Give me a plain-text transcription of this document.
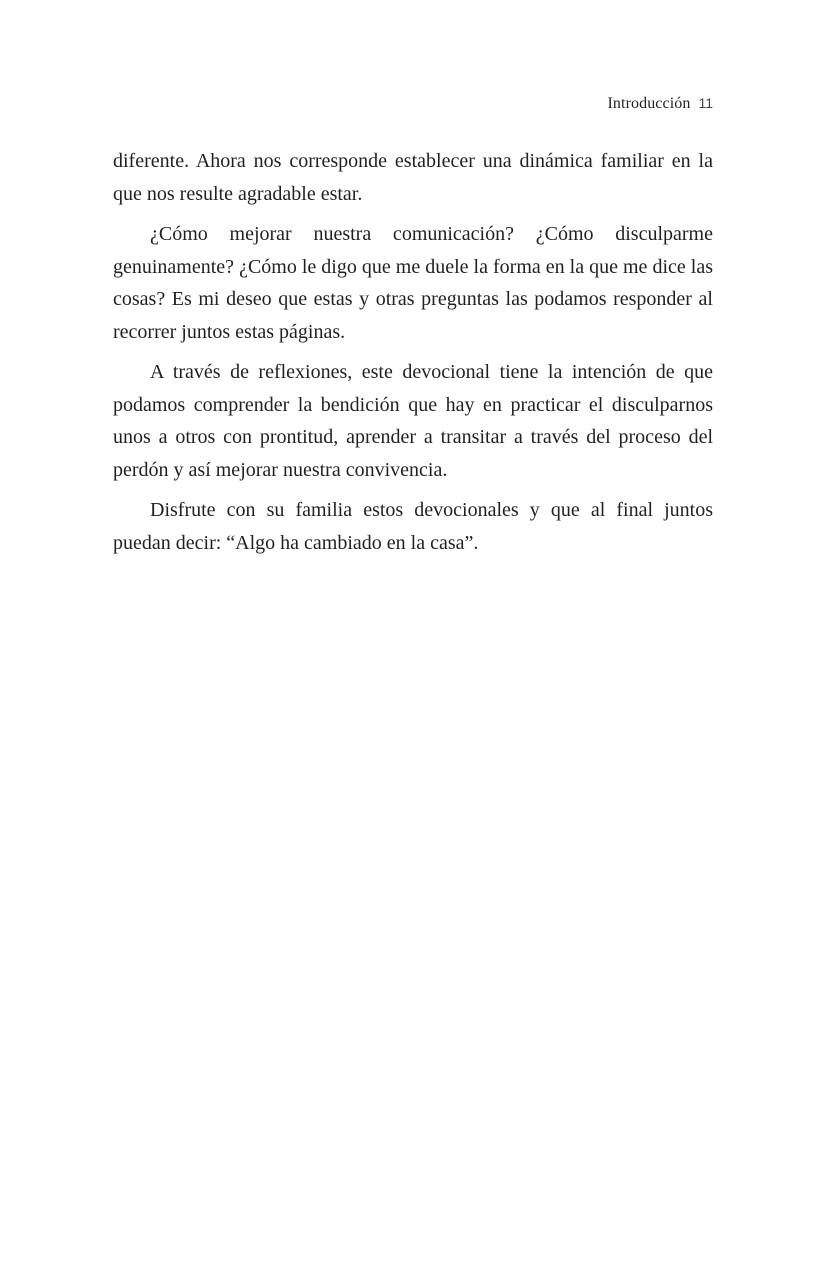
Introducción 11

diferente. Ahora nos corresponde establecer una dinámica familiar en la que nos resulte agradable estar.

¿Cómo mejorar nuestra comunicación? ¿Cómo disculparme genuinamente? ¿Cómo le digo que me duele la forma en la que me dice las cosas? Es mi deseo que estas y otras preguntas las podamos responder al recorrer juntos estas páginas.

A través de reflexiones, este devocional tiene la intención de que podamos comprender la bendición que hay en practicar el disculparnos unos a otros con prontitud, aprender a transitar a través del proceso del perdón y así mejorar nuestra convivencia.

Disfrute con su familia estos devocionales y que al final juntos puedan decir: “Algo ha cambiado en la casa”.
